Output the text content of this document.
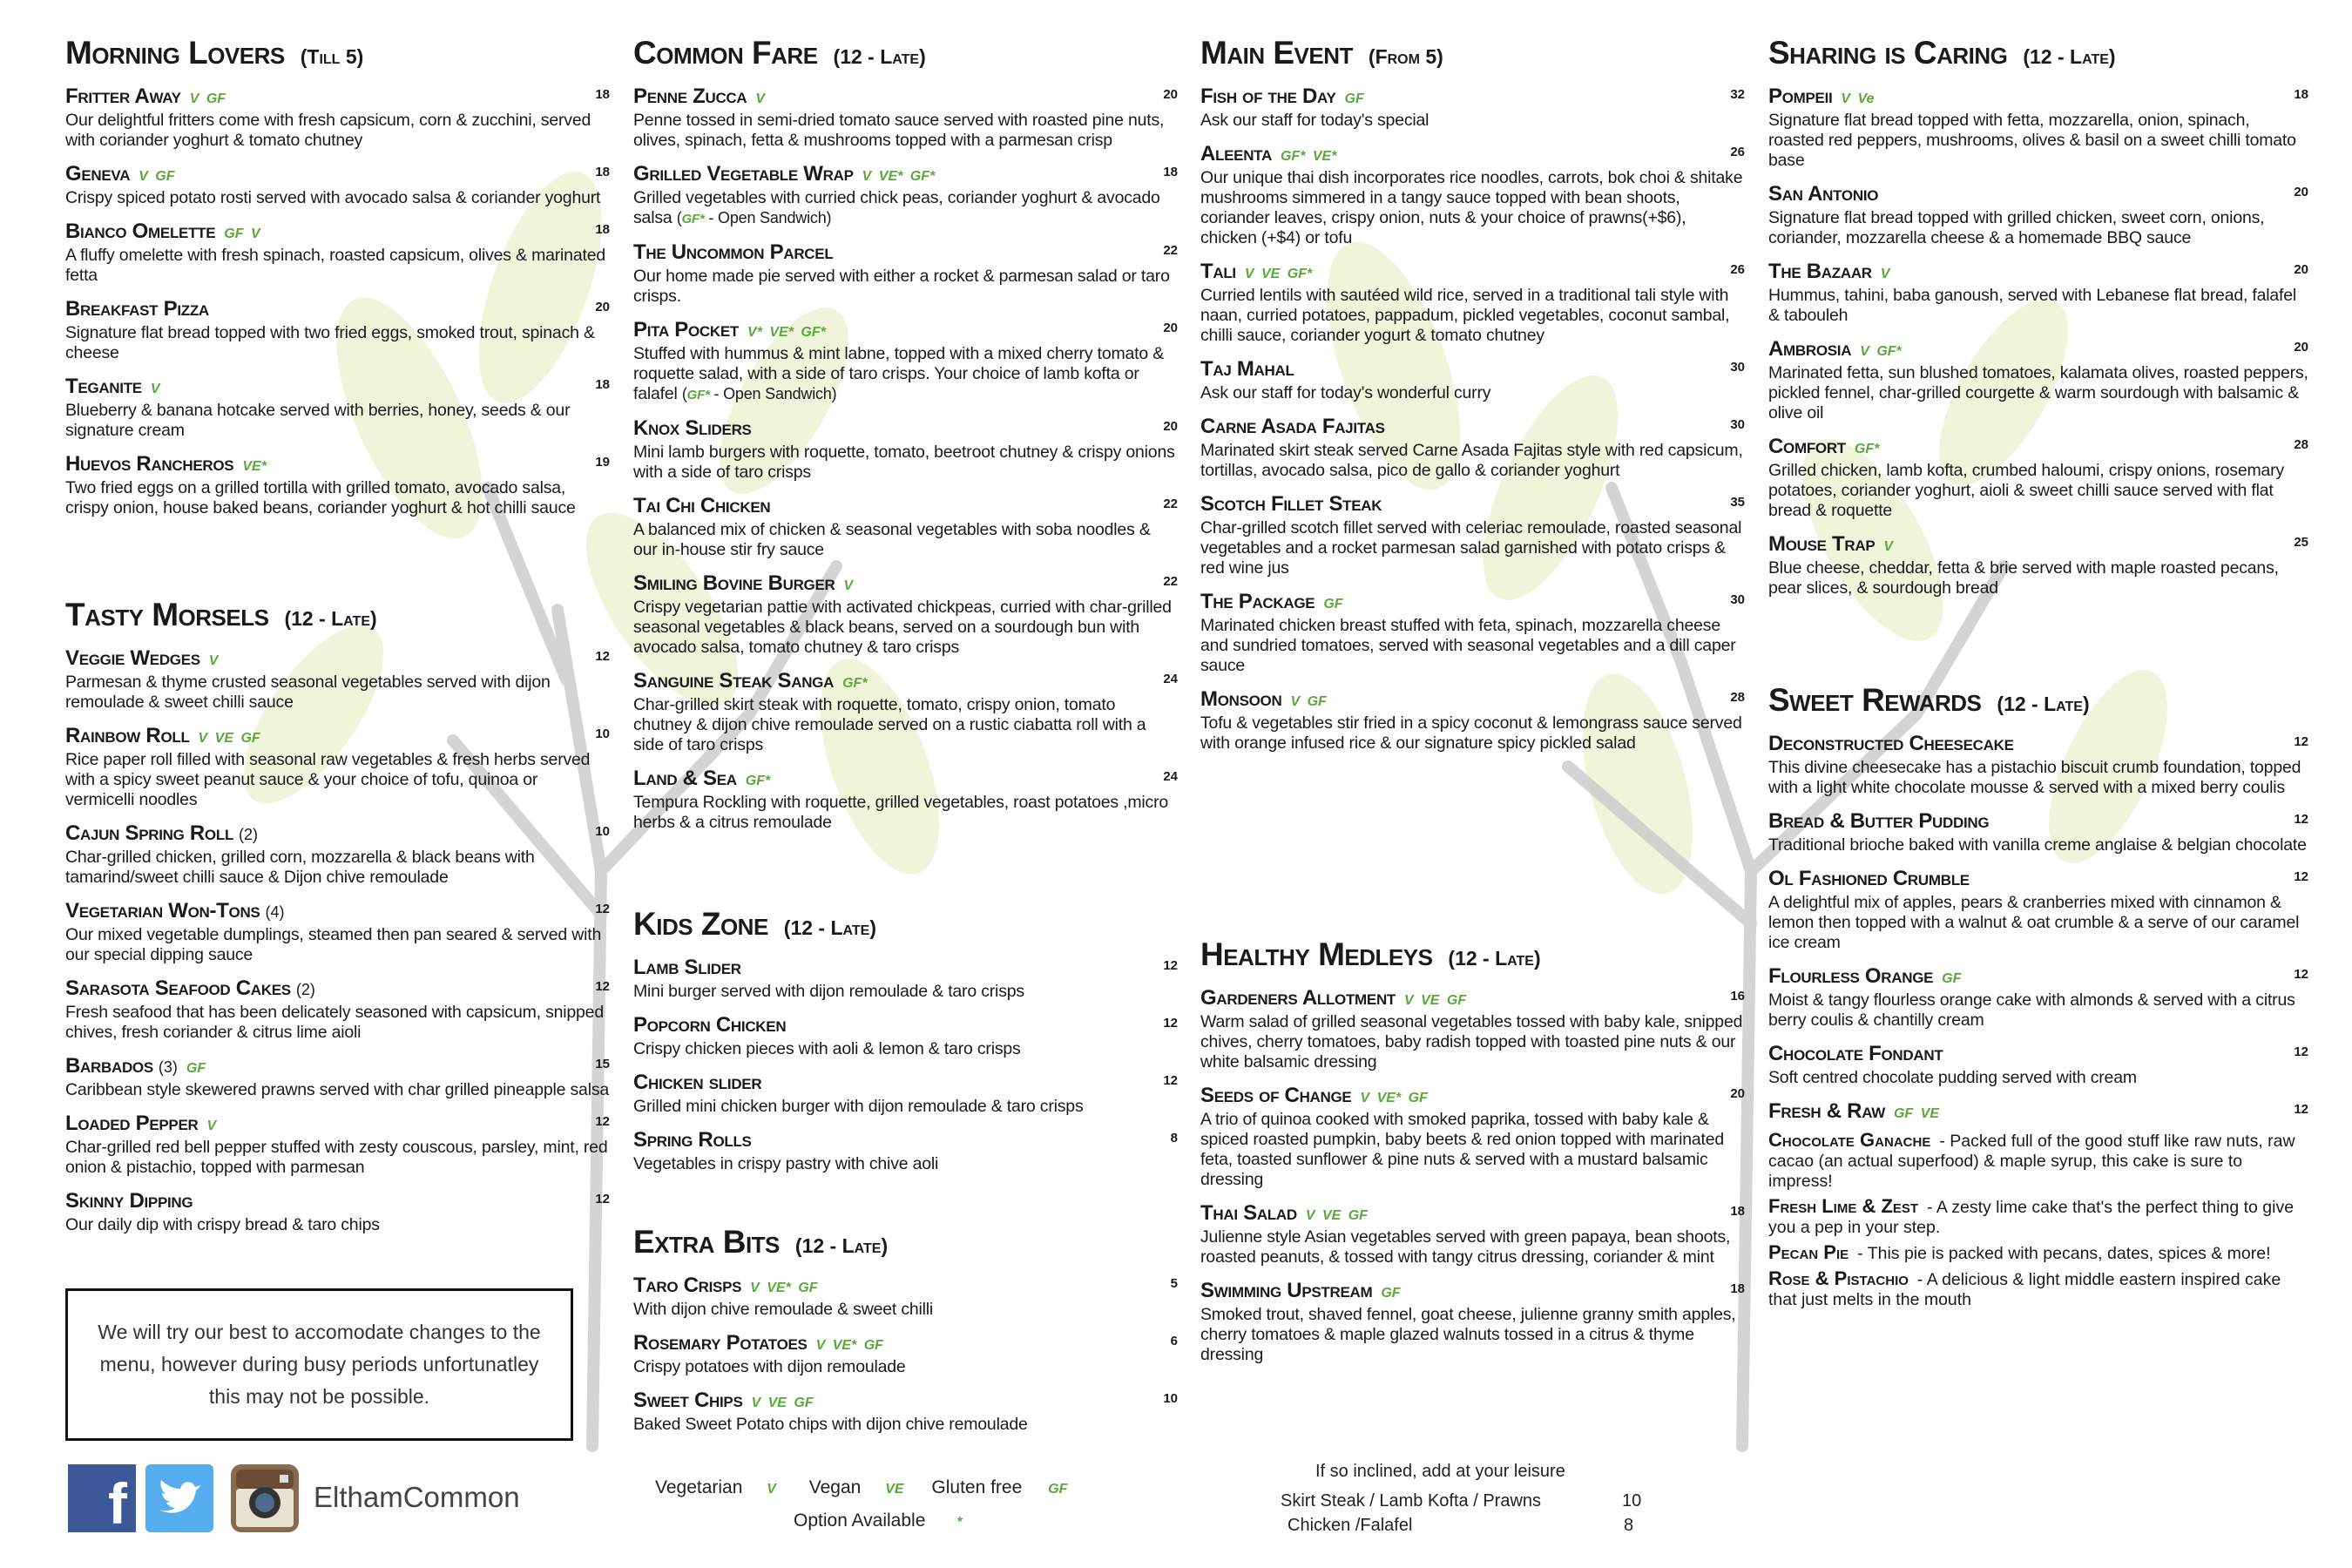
Morning Lovers (Till 5)
Fritter Away V GF	18
Our delightful fritters come with fresh capsicum, corn & zucchini, served with coriander yoghurt & tomato chutney
Geneva V GF	18
Crispy spiced potato rosti served with avocado salsa & coriander yoghurt
Bianco Omelette GF V	18
A fluffy omelette with fresh spinach, roasted capsicum, olives & marinated fetta
Breakfast Pizza	20
Signature flat bread topped with two fried eggs, smoked trout, spinach & cheese
Teganite V	18
Blueberry & banana hotcake served with berries, honey, seeds & our signature cream
Huevos Rancheros VE*	19
Two fried eggs on a grilled tortilla with grilled tomato, avocado salsa, crispy onion, house baked beans, coriander yoghurt & hot chilli sauce
Tasty Morsels (12 - Late)
Veggie Wedges V	12
Parmesan & thyme crusted seasonal vegetables served with dijon remoulade & sweet chilli sauce
Rainbow Roll V VE GF	10
Rice paper roll filled with seasonal raw vegetables & fresh herbs served with a spicy sweet peanut sauce & your choice of tofu, quinoa or vermicelli noodles
Cajun Spring Roll (2)	10
Char-grilled chicken, grilled corn, mozzarella & black beans with tamarind/sweet chilli sauce & Dijon chive remoulade
Vegetarian Won-Tons (4)	12
Our mixed vegetable dumplings, steamed then pan seared & served with our special dipping sauce
Sarasota Seafood Cakes (2)	12
Fresh seafood that has been delicately seasoned with capsicum, snipped chives, fresh coriander & citrus lime aioli
Barbados (3) GF	15
Caribbean style skewered prawns served with char grilled pineapple salsa
Loaded Pepper V	12
Char-grilled red bell pepper stuffed with zesty couscous, parsley, mint, red onion & pistachio, topped with parmesan
Skinny Dipping	12
Our daily dip with crispy bread & taro chips
Common Fare (12 - Late)
Penne Zucca V	20
Penne tossed in semi-dried tomato sauce served with roasted pine nuts, olives, spinach, fetta & mushrooms topped with a parmesan crisp
Grilled Vegetable Wrap V VE* GF*	18
Grilled vegetables with curried chick peas, coriander yoghurt & avocado salsa (GF* - Open Sandwich)
The Uncommon Parcel	22
Our home made pie served with either a rocket & parmesan salad or taro crisps.
Pita Pocket V* VE* GF*	20
Stuffed with hummus & mint labne, topped with a mixed cherry tomato & roquette salad, with a side of taro crisps. Your choice of lamb kofta or falafel (GF* - Open Sandwich)
Knox Sliders	20
Mini lamb burgers with roquette, tomato, beetroot chutney & crispy onions with a side of taro crisps
Tai Chi Chicken	22
A balanced mix of chicken & seasonal vegetables with soba noodles & our in-house stir fry sauce
Smiling Bovine Burger V	22
Crispy vegetarian pattie with activated chickpeas, curried with char-grilled seasonal vegetables & black beans, served on a sourdough bun with avocado salsa, tomato chutney & taro crisps
Sanguine Steak Sanga GF*	24
Char-grilled skirt steak with roquette, tomato, crispy onion, tomato chutney & dijon chive remoulade served on a rustic ciabatta roll with a side of taro crisps
Land & Sea GF*	24
Tempura Rockling with roquette, grilled vegetables, roast potatoes ,micro herbs & a citrus remoulade
Kids Zone (12 - Late)
Lamb Slider	12
Mini burger served with dijon remoulade & taro crisps
Popcorn Chicken	12
Crispy chicken pieces with aoli & lemon & taro crisps
Chicken slider	12
Grilled mini chicken burger with dijon remoulade & taro crisps
Spring Rolls	8
Vegetables in crispy pastry with chive aoli
Extra Bits (12 - Late)
Taro Crisps V VE* GF	5
With dijon chive remoulade & sweet chilli
Rosemary Potatoes V VE* GF	6
Crispy potatoes with dijon remoulade
Sweet Chips V VE GF	10
Baked Sweet Potato chips with dijon chive remoulade
Main Event (From 5)
Fish of the Day GF	32
Ask our staff for today's special
Aleenta GF* VE*	26
Our unique thai dish incorporates rice noodles, carrots, bok choi & shitake mushrooms simmered in a tangy sauce topped with bean shoots, coriander leaves, crispy onion, nuts & your choice of prawns(+$6), chicken (+$4) or tofu
Tali V VE GF*	26
Curried lentils with sautéed wild rice, served in a traditional tali style with naan, curried potatoes, pappadum, pickled vegetables, coconut sambal, chilli sauce, coriander yogurt & tomato chutney
Taj Mahal	30
Ask our staff for today's wonderful curry
Carne Asada Fajitas	30
Marinated skirt steak served Carne Asada Fajitas style with red capsicum, tortillas, avocado salsa, pico de gallo & coriander yoghurt
Scotch Fillet Steak	35
Char-grilled scotch fillet served with celeriac remoulade, roasted seasonal vegetables and a rocket parmesan salad garnished with potato crisps & red wine jus
The Package GF	30
Marinated chicken breast stuffed with feta, spinach, mozzarella cheese and sundried tomatoes, served with seasonal vegetables and a dill caper sauce
Monsoon V GF	28
Tofu & vegetables stir fried in a spicy coconut & lemongrass sauce served with orange infused rice & our signature spicy pickled salad
Healthy Medleys (12 - Late)
Gardeners Allotment V VE GF	16
Warm salad of grilled seasonal vegetables tossed with baby kale, snipped chives, cherry tomatoes, baby radish topped with toasted pine nuts & our white balsamic dressing
Seeds of Change V VE* GF	20
A trio of quinoa cooked with smoked paprika, tossed with baby kale & spiced roasted pumpkin, baby beets & red onion topped with marinated feta, toasted sunflower & pine nuts & served with a mustard balsamic dressing
Thai Salad V VE GF	18
Julienne style Asian vegetables served with green papaya, bean shoots, roasted peanuts, & tossed with tangy citrus dressing, coriander & mint
Swimming Upstream GF	18
Smoked trout, shaved fennel, goat cheese, julienne granny smith apples, cherry tomatoes & maple glazed walnuts tossed in a citrus & thyme dressing
Sharing is Caring (12 - Late)
Pompeii V Ve	18
Signature flat bread topped with fetta, mozzarella, onion, spinach, roasted red peppers, mushrooms, olives & basil on a sweet chilli tomato base
San Antonio	20
Signature flat bread topped with grilled chicken, sweet corn, onions, coriander, mozzarella cheese & a homemade BBQ sauce
The Bazaar V	20
Hummus, tahini, baba ganoush, served with Lebanese flat bread, falafel & tabouleh
Ambrosia V GF*	20
Marinated fetta, sun blushed tomatoes, kalamata olives, roasted peppers, pickled fennel, char-grilled courgette & warm sourdough with balsamic & olive oil
Comfort GF*	28
Grilled chicken, lamb kofta, crumbed haloumi, crispy onions, rosemary potatoes, coriander yoghurt, aioli & sweet chilli sauce served with flat bread & roquette
Mouse Trap V	25
Blue cheese, cheddar, fetta & brie served with maple roasted pecans, pear slices, & sourdough bread
Sweet Rewards (12 - Late)
Deconstructed Cheesecake	12
This divine cheesecake has a pistachio biscuit crumb foundation, topped with a light white chocolate mousse & served with a mixed berry coulis
Bread & Butter Pudding	12
Traditional brioche baked with vanilla creme anglaise & belgian chocolate
Ol Fashioned Crumble	12
A delightful mix of apples, pears & cranberries mixed with cinnamon & lemon then topped with a walnut & oat crumble & a serve of our caramel ice cream
Flourless Orange GF	12
Moist & tangy flourless orange cake with almonds & served with a citrus berry coulis & chantilly cream
Chocolate Fondant	12
Soft centred chocolate pudding served with cream
Fresh & Raw GF VE	12
Chocolate Ganache - Packed full of the good stuff like raw nuts, raw cacao (an actual superfood) & maple syrup, this cake is sure to impress!
Fresh Lime & Zest - A zesty lime cake that's the perfect thing to give you a pep in your step.
Pecan Pie - This pie is packed with pecans, dates, spices & more!
Rose & Pistachio - A delicious & light middle eastern inspired cake that just melts in the mouth
We will try our best to accomodate changes to the menu, however during busy periods unfortunatley this may not be possible.
f	ElthamCommon	Vegetarian V Vegan VE Gluten free GF
Option Available *
If so inclined, add at your leisure
Skirt Steak / Lamb Kofta / Prawns	10
Chicken /Falafel	8
